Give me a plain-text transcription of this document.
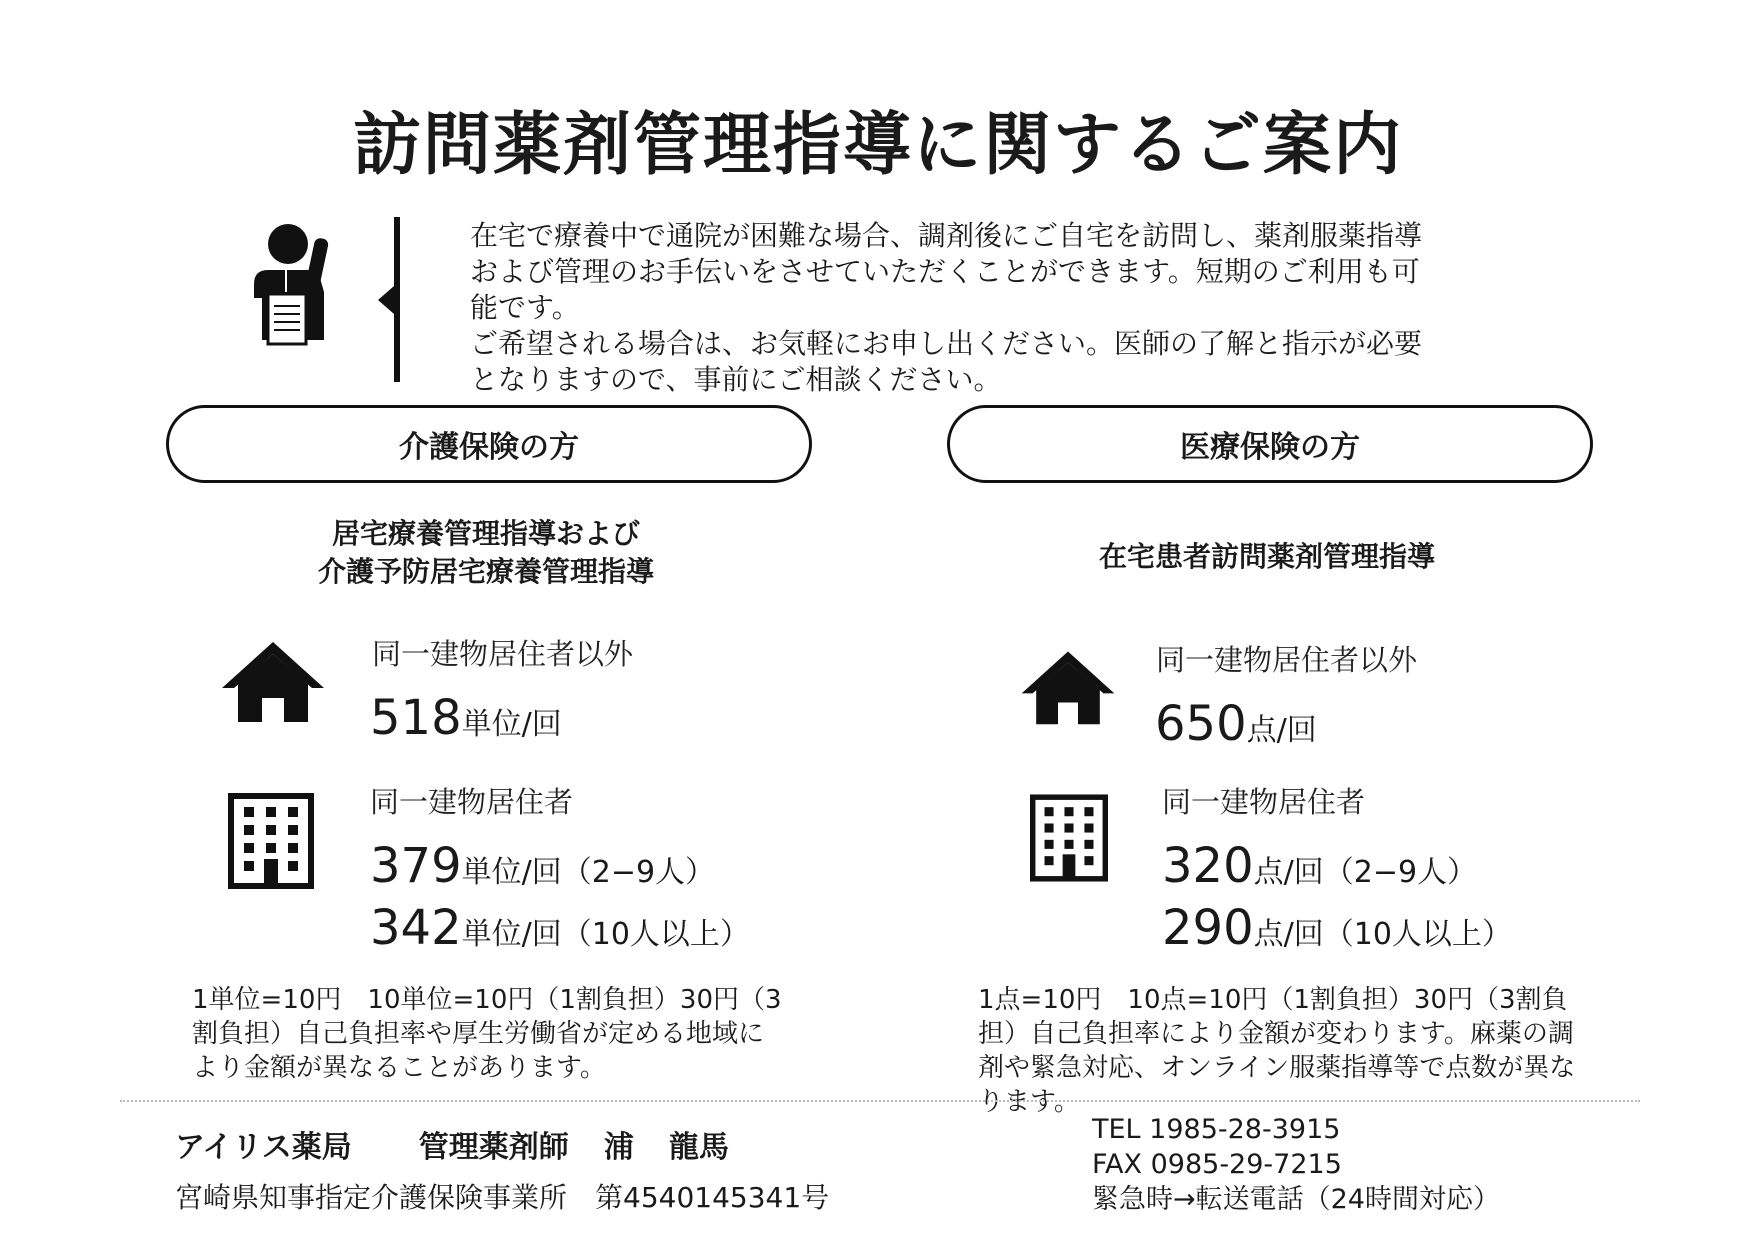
訪問薬剤管理指導に関するご案内
在宅で療養中で通院が困難な場合、調剤後にご自宅を訪問し、薬剤服薬指導
および管理のお手伝いをさせていただくことができます。短期のご利用も可
能です。
ご希望される場合は、お気軽にお申し出ください。医師の了解と指示が必要
となりますので、事前にご相談ください。
介護保険の方	医療保険の方
居宅療養管理指導および
介護予防居宅療養管理指導
同一建物居住者以外
518単位/回
同一建物居住者
379単位/回（2−9人）
342単位/回（10人以上）
1単位=10円　10単位=10円（1割負担）30円（3
割負担）自己負担率や厚生労働省が定める地域に
より金額が異なることがあります。
在宅患者訪問薬剤管理指導
同一建物居住者以外
650点/回
同一建物居住者
320点/回（2−9人）
290点/回（10人以上）
1点=10円　10点=10円（1割負担）30円（3割負
担）自己負担率により金額が変わります。麻薬の調
剤や緊急対応、オンライン服薬指導等で点数が異な
ります。
アイリス薬局 管理薬剤師 浦 龍馬
宮崎県知事指定介護保険事業所　第4540145341号
TEL 1985-28-3915
FAX 0985-29-7215
緊急時→転送電話（24時間対応）
